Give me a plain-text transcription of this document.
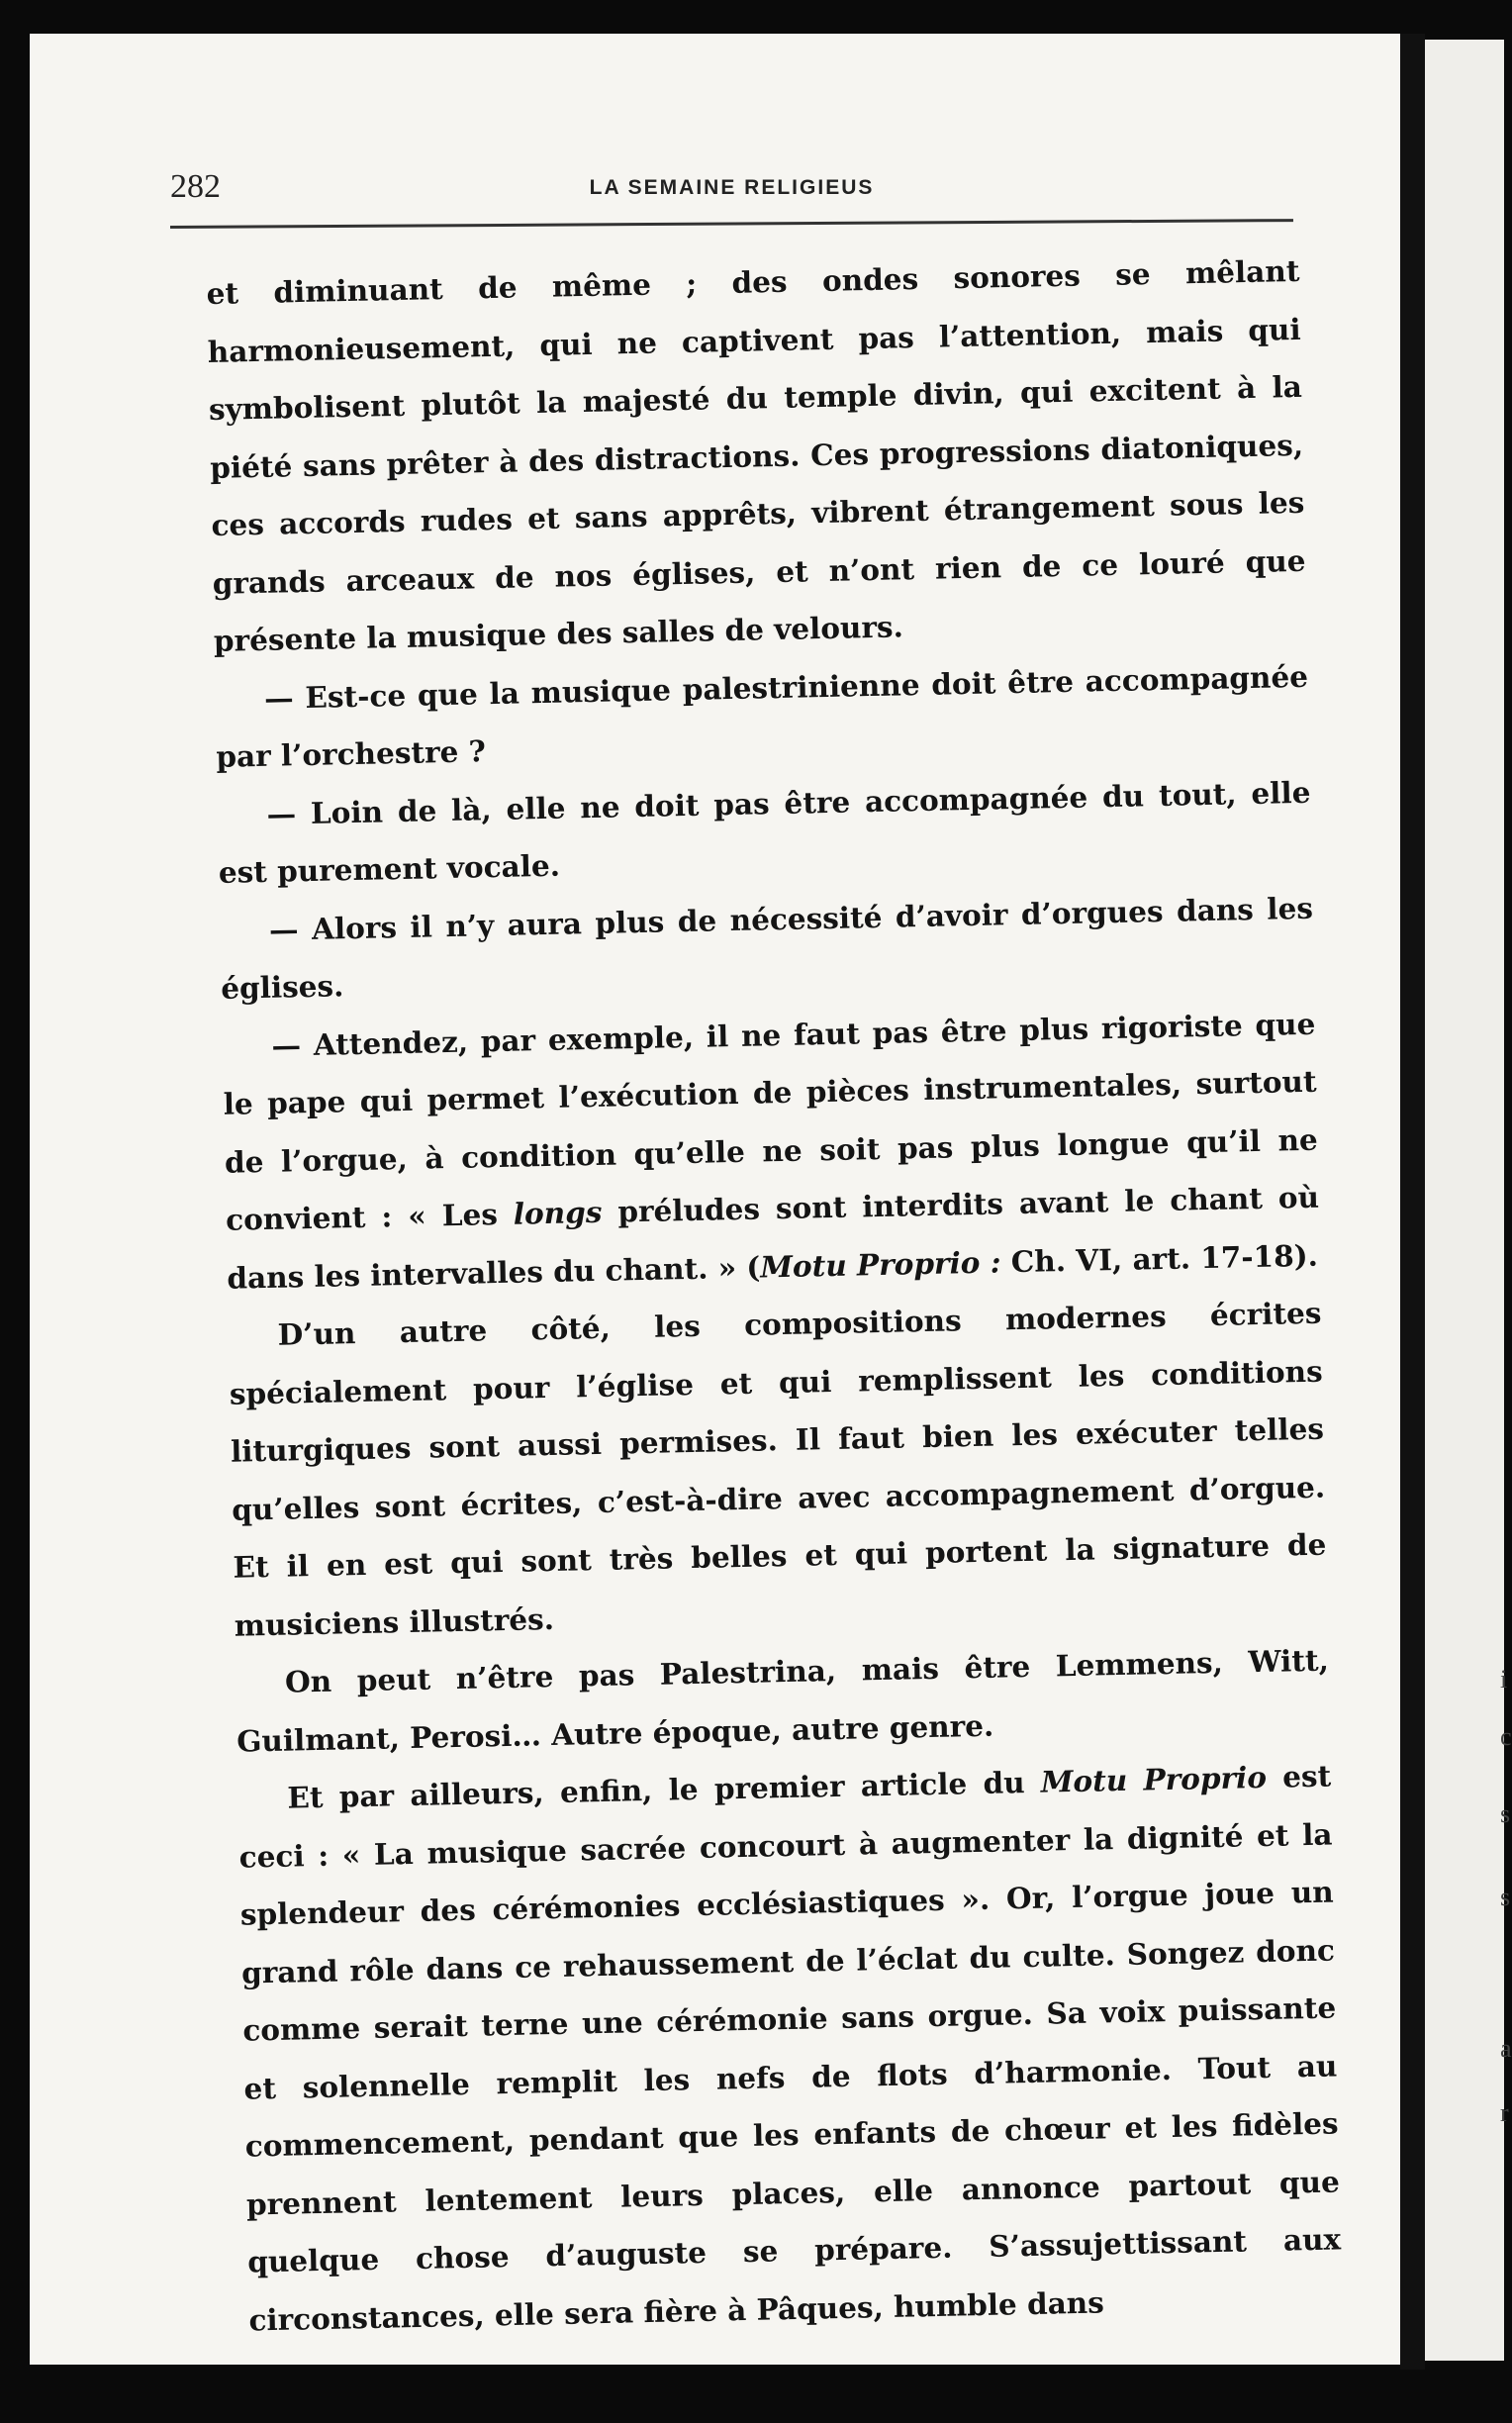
i
c
s
s
a
r
282	LA SEMAINE RELIGIEUS

et diminuant de même ; des ondes sonores se mêlant harmonieusement, qui ne captivent pas l’attention, mais qui symbolisent plutôt la majesté du temple divin, qui excitent à la piété sans prêter à des distractions. Ces progressions diatoniques, ces accords rudes et sans apprêts, vibrent étrangement sous les grands arceaux de nos églises, et n’ont rien de ce louré que présente la musique des salles de velours.

— Est-ce que la musique palestrinienne doit être accompagnée par l’orchestre ?

— Loin de là, elle ne doit pas être accompagnée du tout, elle est purement vocale.

— Alors il n’y aura plus de nécessité d’avoir d’orgues dans les églises.

— Attendez, par exemple, il ne faut pas être plus rigoriste que le pape qui permet l’exécution de pièces instrumentales, surtout de l’orgue, à condition qu’elle ne soit pas plus longue qu’il ne convient : « Les longs préludes sont interdits avant le chant où dans les intervalles du chant. » (Motu Proprio : Ch. VI, art. 17-18).

D’un autre côté, les compositions modernes écrites spécialement pour l’église et qui remplissent les conditions liturgiques sont aussi permises. Il faut bien les exécuter telles qu’elles sont écrites, c’est-à-dire avec accompagnement d’orgue. Et il en est qui sont très belles et qui portent la signature de musiciens illustrés.

On peut n’être pas Palestrina, mais être Lemmens, Witt, Guilmant, Perosi… Autre époque, autre genre.

Et par ailleurs, enfin, le premier article du Motu Proprio est ceci : « La musique sacrée concourt à augmenter la dignité et la splendeur des cérémonies ecclésiastiques ». Or, l’orgue joue un grand rôle dans ce rehaussement de l’éclat du culte. Songez donc comme serait terne une cérémonie sans orgue. Sa voix puissante et solennelle remplit les nefs de flots d’harmonie. Tout au commencement, pendant que les enfants de chœur et les fidèles prennent lentement leurs places, elle annonce partout que quelque chose d’auguste se prépare. S’assujettissant aux circonstances, elle sera fière à Pâques, humble dans
